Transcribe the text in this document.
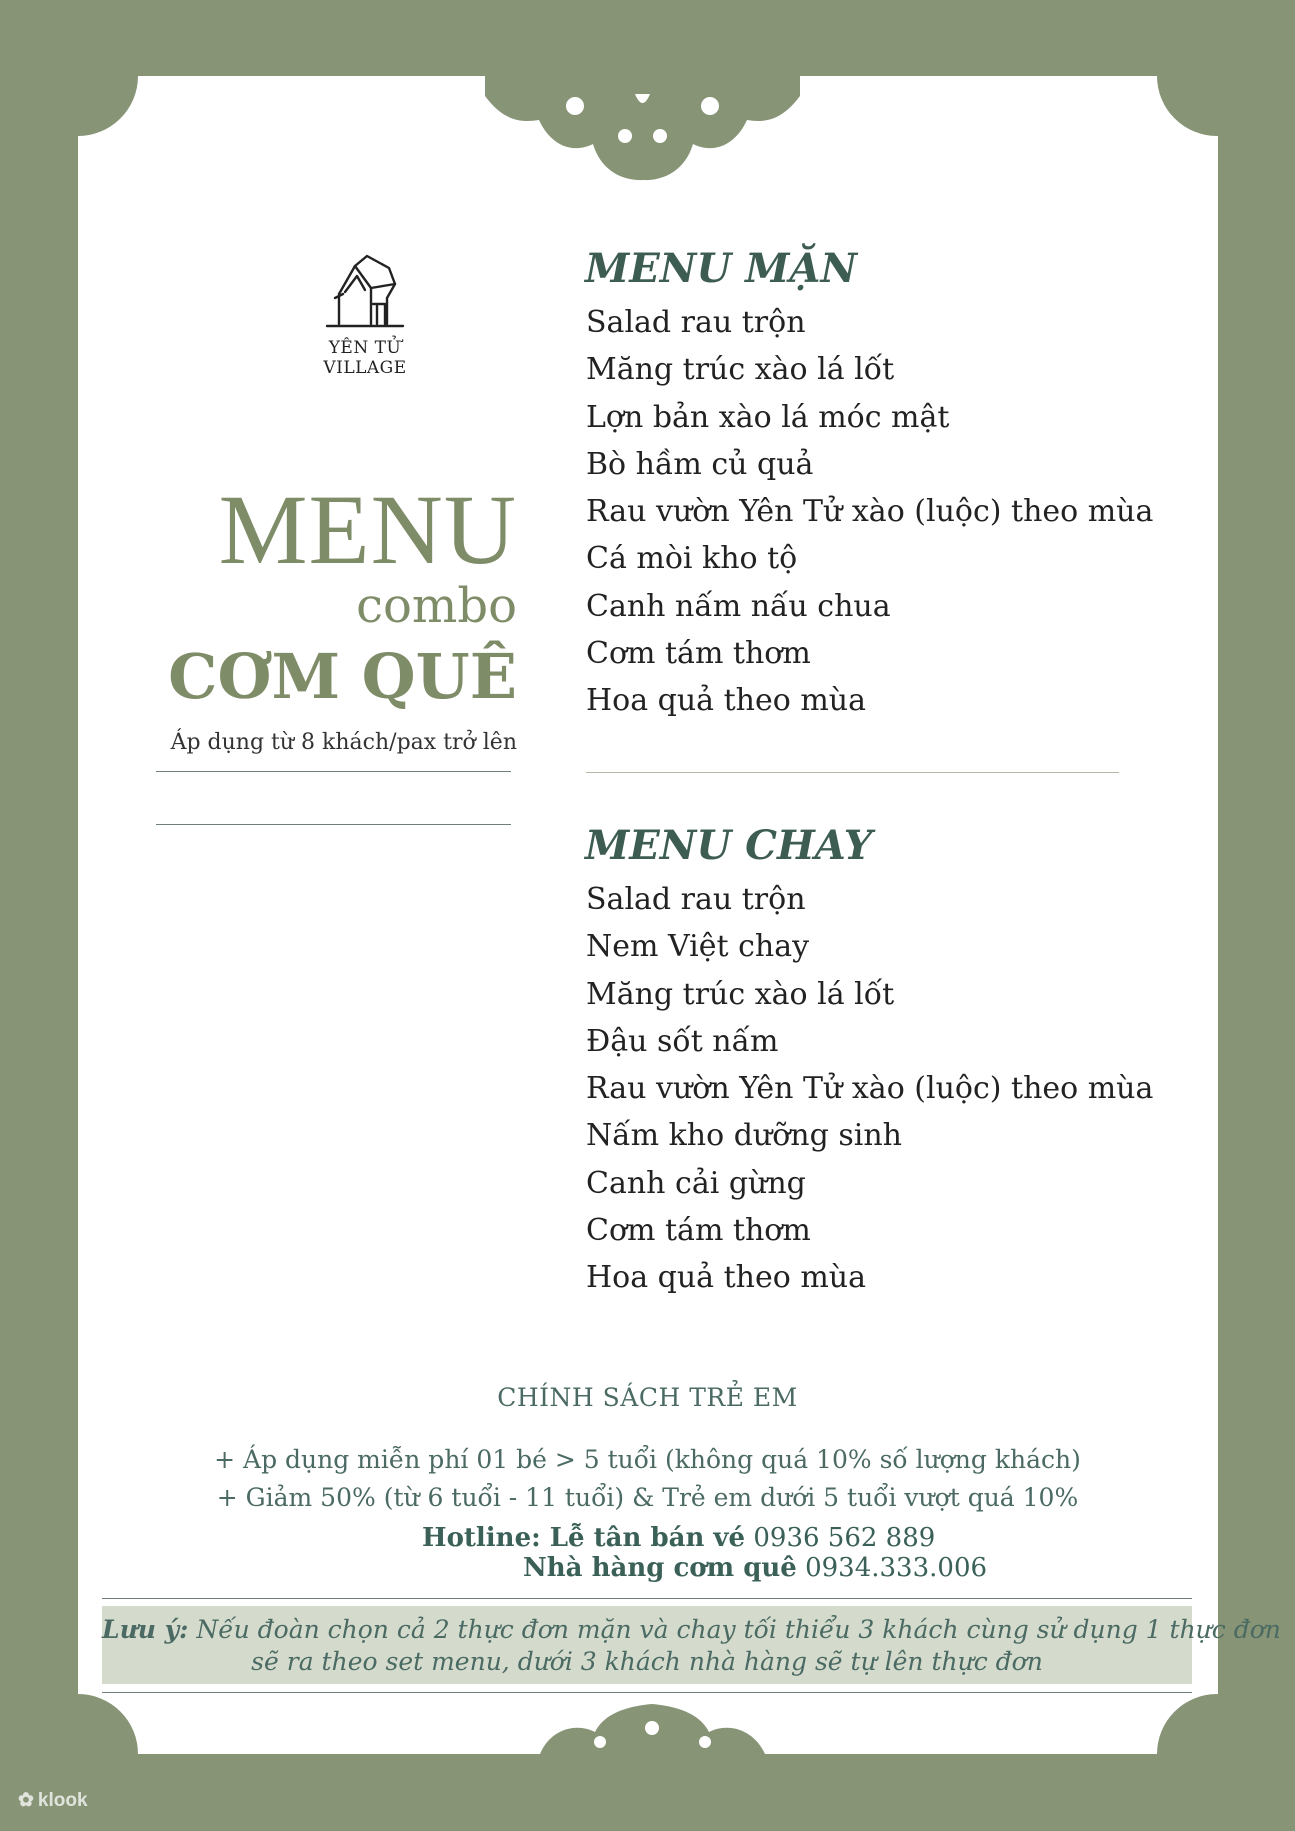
YÊN TỬ VILLAGE
MENU
combo
CƠM QUÊ
Áp dụng từ 8 khách/pax trở lên
MENU MẶN
Salad rau trộn
Măng trúc xào lá lốt
Lợn bản xào lá móc mật
Bò hầm củ quả
Rau vườn Yên Tử xào (luộc) theo mùa
Cá mòi kho tộ
Canh nấm nấu chua
Cơm tám thơm
Hoa quả theo mùa
MENU CHAY
Salad rau trộn
Nem Việt chay
Măng trúc xào lá lốt
Đậu sốt nấm
Rau vườn Yên Tử xào (luộc) theo mùa
Nấm kho dưỡng sinh
Canh cải gừng
Cơm tám thơm
Hoa quả theo mùa
CHÍNH SÁCH TRẺ EM
+ Áp dụng miễn phí 01 bé > 5 tuổi (không quá 10% số lượng khách)
+ Giảm 50% (từ 6 tuổi - 11 tuổi) & Trẻ em dưới 5 tuổi vượt quá 10%
Hotline: Lễ tân bán vé 0936 562 889
Nhà hàng cơm quê 0934.333.006
Lưu ý: Nếu đoàn chọn cả 2 thực đơn mặn và chay tối thiểu 3 khách cùng sử dụng 1 thực đơn
sẽ ra theo set menu, dưới 3 khách nhà hàng sẽ tự lên thực đơn
✿ klook
